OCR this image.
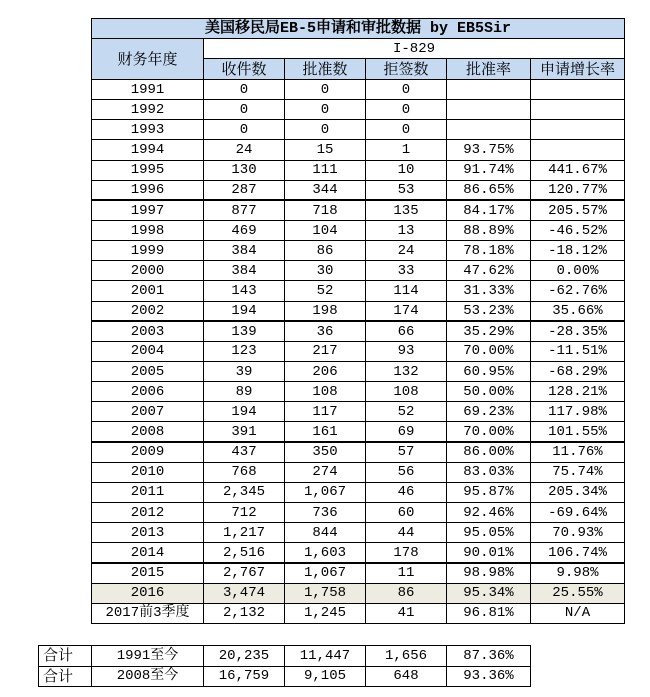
美国移民局EB-5申请和审批数据 by EB5Sir					
财务年度	I-829				
	收件数	批准数	拒签数	批准率	申请增长率
1991	0	0	0		
1992	0	0	0		
1993	0	0	0		
1994	24	15	1	93.75%	
1995	130	111	10	91.74%	441.67%
1996	287	344	53	86.65%	120.77%
1997	877	718	135	84.17%	205.57%
1998	469	104	13	88.89%	-46.52%
1999	384	86	24	78.18%	-18.12%
2000	384	30	33	47.62%	0.00%
2001	143	52	114	31.33%	-62.76%
2002	194	198	174	53.23%	35.66%
2003	139	36	66	35.29%	-28.35%
2004	123	217	93	70.00%	-11.51%
2005	39	206	132	60.95%	-68.29%
2006	89	108	108	50.00%	128.21%
2007	194	117	52	69.23%	117.98%
2008	391	161	69	70.00%	101.55%
2009	437	350	57	86.00%	11.76%
2010	768	274	56	83.03%	75.74%
2011	2,345	1,067	46	95.87%	205.34%
2012	712	736	60	92.46%	-69.64%
2013	1,217	844	44	95.05%	70.93%
2014	2,516	1,603	178	90.01%	106.74%
2015	2,767	1,067	11	98.98%	9.98%
2016	3,474	1,758	86	95.34%	25.55%
2017前3季度	2,132	1,245	41	96.81%	N/A
合计	1991至今	20,235	11,447	1,656	87.36%
合计	2008至今	16,759	9,105	648	93.36%
